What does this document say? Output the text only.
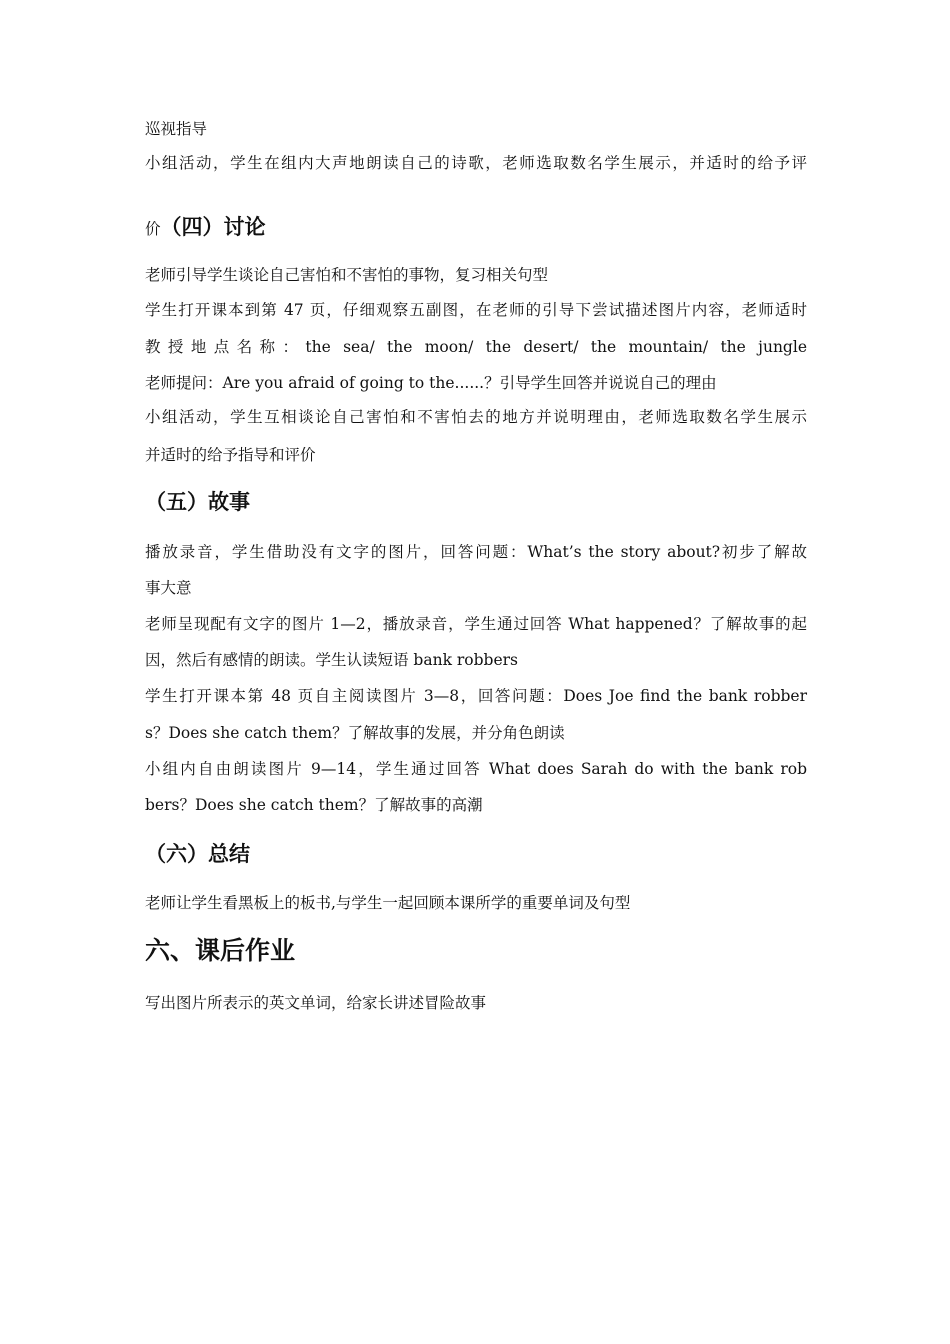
巡视指导
小组活动，学生在组内大声地朗读自己的诗歌，老师选取数名学生展示，并适时的给予评
价（四）讨论
老师引导学生谈论自己害怕和不害怕的事物，复习相关句型
学生打开课本到第 47 页，仔细观察五副图，在老师的引导下尝试描述图片内容，老师适时
教授地点名称：the sea/ the moon/ the desert/ the mountain/ the jungle
老师提问：Are you afraid of going to the......？引导学生回答并说说自己的理由
小组活动，学生互相谈论自己害怕和不害怕去的地方并说明理由，老师选取数名学生展示
并适时的给予指导和评价
（五）故事
播放录音，学生借助没有文字的图片，回答问题：What’s the story about?初步了解故
事大意
老师呈现配有文字的图片 1—2，播放录音，学生通过回答 What happened？了解故事的起
因，然后有感情的朗读。学生认读短语 bank robbers
学生打开课本第 48 页自主阅读图片 3—8，回答问题：Does Joe find the bank robber
s？Does she catch them？了解故事的发展，并分角色朗读
小组内自由朗读图片 9—14，学生通过回答 What does Sarah do with the bank rob
bers？Does she catch them？了解故事的高潮
（六）总结
老师让学生看黑板上的板书,与学生一起回顾本课所学的重要单词及句型
六、课后作业
写出图片所表示的英文单词，给家长讲述冒险故事
